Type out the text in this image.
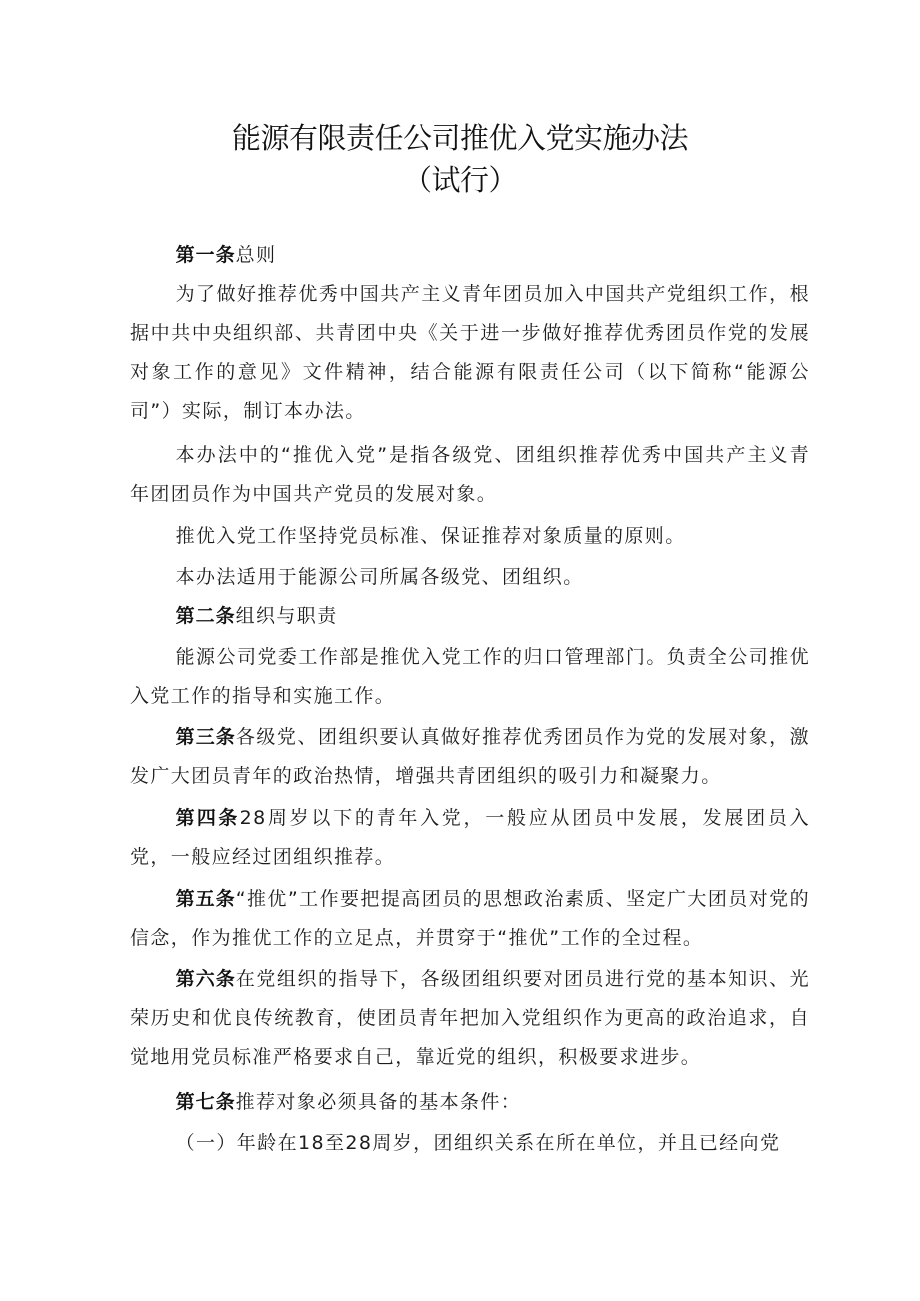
能源有限责任公司推优入党实施办法
（试行）

第一条总则

为了做好推荐优秀中国共产主义青年团员加入中国共产党组织工作，根据中共中央组织部、共青团中央《关于进一步做好推荐优秀团员作党的发展对象工作的意见》文件精神，结合能源有限责任公司（以下简称“能源公司”）实际，制订本办法。

本办法中的“推优入党”是指各级党、团组织推荐优秀中国共产主义青年团团员作为中国共产党员的发展对象。

推优入党工作坚持党员标准、保证推荐对象质量的原则。

本办法适用于能源公司所属各级党、团组织。

第二条组织与职责

能源公司党委工作部是推优入党工作的归口管理部门。负责全公司推优入党工作的指导和实施工作。

第三条各级党、团组织要认真做好推荐优秀团员作为党的发展对象，激发广大团员青年的政治热情，增强共青团组织的吸引力和凝聚力。

第四条28周岁以下的青年入党，一般应从团员中发展，发展团员入党，一般应经过团组织推荐。

第五条“推优”工作要把提高团员的思想政治素质、坚定广大团员对党的信念，作为推优工作的立足点，并贯穿于“推优”工作的全过程。

第六条在党组织的指导下，各级团组织要对团员进行党的基本知识、光荣历史和优良传统教育，使团员青年把加入党组织作为更高的政治追求，自觉地用党员标准严格要求自己，靠近党的组织，积极要求进步。

第七条推荐对象必须具备的基本条件：

（一）年龄在18至28周岁，团组织关系在所在单位，并且已经向党
